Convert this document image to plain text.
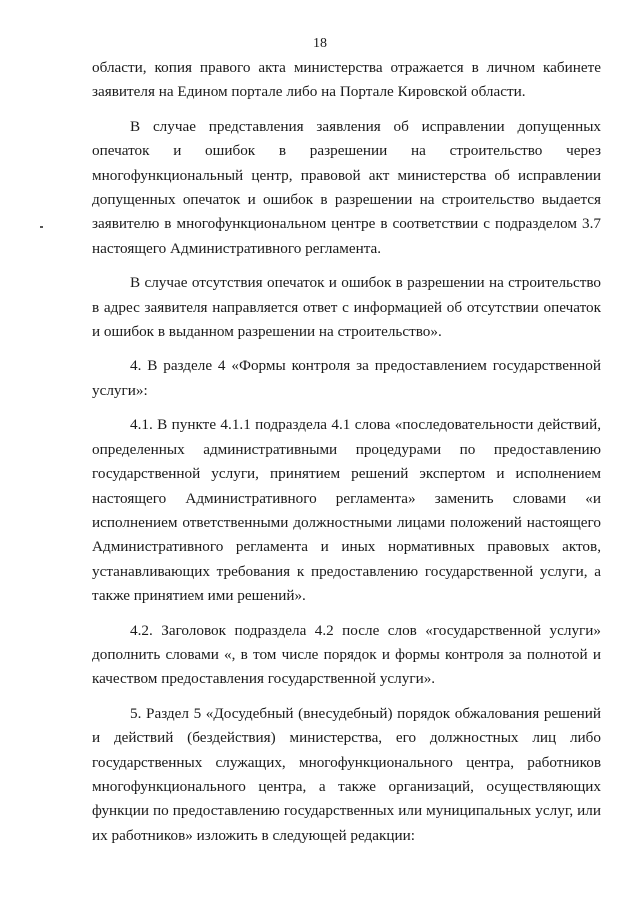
18

области, копия правого акта министерства отражается в личном кабинете заявителя на Едином портале либо на Портале Кировской области.

В случае представления заявления об исправлении допущенных опечаток и ошибок в разрешении на строительство через многофункциональный центр, правовой акт министерства об исправлении допущенных опечаток и ошибок в разрешении на строительство выдается заявителю в многофункциональном центре в соответствии с подразделом 3.7 настоящего Административного регламента.

В случае отсутствия опечаток и ошибок в разрешении на строительство в адрес заявителя направляется ответ с информацией об отсутствии опечаток и ошибок в выданном разрешении на строительство».

4. В разделе 4 «Формы контроля за предоставлением государственной услуги»:

4.1. В пункте 4.1.1 подраздела 4.1 слова «последовательности действий, определенных административными процедурами по предоставлению государственной услуги, принятием решений экспертом и исполнением настоящего Административного регламента» заменить словами «и исполнением ответственными должностными лицами положений настоящего Административного регламента и иных нормативных правовых актов, устанавливающих требования к предоставлению государственной услуги, а также принятием ими решений».

4.2. Заголовок подраздела 4.2 после слов «государственной услуги» дополнить словами «, в том числе порядок и формы контроля за полнотой и качеством предоставления государственной услуги».

5. Раздел 5 «Досудебный (внесудебный) порядок обжалования решений и действий (бездействия) министерства, его должностных лиц либо государственных служащих, многофункционального центра, работников многофункционального центра, а также организаций, осуществляющих функции по предоставлению государственных или муниципальных услуг, или их работников» изложить в следующей редакции:
